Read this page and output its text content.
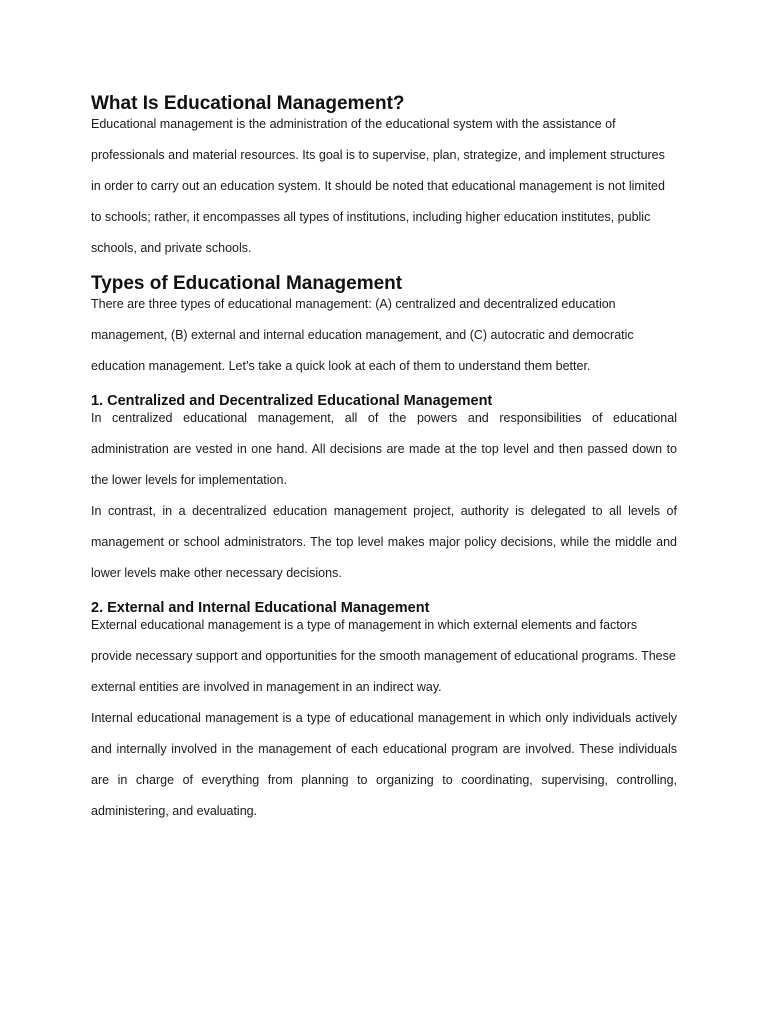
What Is Educational Management?

Educational management is the administration of the educational system with the assistance of professionals and material resources. Its goal is to supervise, plan, strategize, and implement structures in order to carry out an education system. It should be noted that educational management is not limited to schools; rather, it encompasses all types of institutions, including higher education institutes, public schools, and private schools.

Types of Educational Management

There are three types of educational management: (A) centralized and decentralized education management, (B) external and internal education management, and (C) autocratic and democratic education management. Let’s take a quick look at each of them to understand them better.

1. Centralized and Decentralized Educational Management

In centralized educational management, all of the powers and responsibilities of educational administration are vested in one hand. All decisions are made at the top level and then passed down to the lower levels for implementation.

In contrast, in a decentralized education management project, authority is delegated to all levels of management or school administrators. The top level makes major policy decisions, while the middle and lower levels make other necessary decisions.

2. External and Internal Educational Management

External educational management is a type of management in which external elements and factors provide necessary support and opportunities for the smooth management of educational programs. These external entities are involved in management in an indirect way.

Internal educational management is a type of educational management in which only individuals actively and internally involved in the management of each educational program are involved. These individuals are in charge of everything from planning to organizing to coordinating, supervising, controlling, administering, and evaluating.
